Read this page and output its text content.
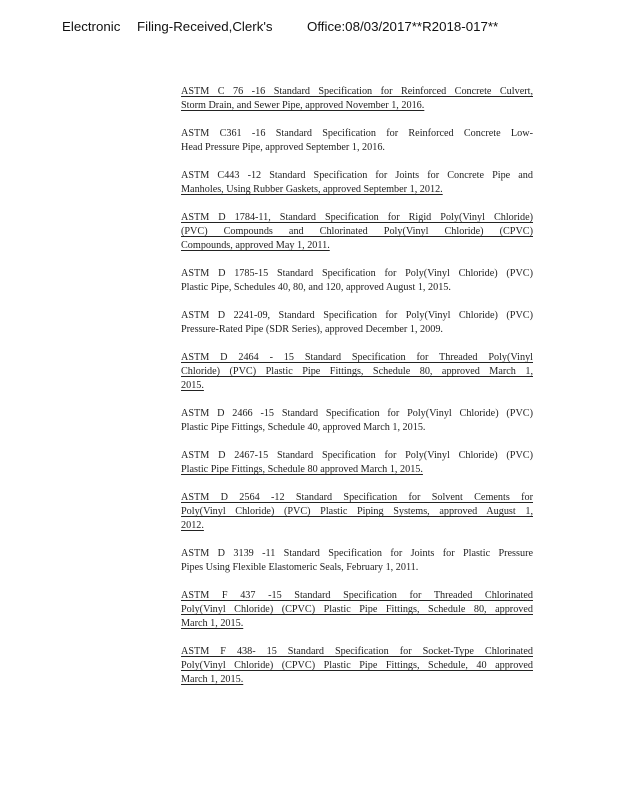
Electronic Filing-Received,Clerk's	Office:08/03/2017**R2018-017**

ASTM C 76 -16 Standard Specification for Reinforced Concrete Culvert,
Storm Drain, and Sewer Pipe, approved November 1, 2016.

ASTM C361 -16 Standard Specification for Reinforced Concrete Low-
Head Pressure Pipe, approved September 1, 2016.

ASTM C443 -12 Standard Specification for Joints for Concrete Pipe and
Manholes, Using Rubber Gaskets, approved September 1, 2012.

ASTM D 1784-11, Standard Specification for Rigid Poly(Vinyl Chloride)
(PVC) Compounds and Chlorinated Poly(Vinyl Chloride) (CPVC)
Compounds, approved May 1, 2011.

ASTM D 1785-15 Standard Specification for Poly(Vinyl Chloride) (PVC)
Plastic Pipe, Schedules 40, 80, and 120, approved August 1, 2015.

ASTM D 2241-09, Standard Specification for Poly(Vinyl Chloride) (PVC)
Pressure-Rated Pipe (SDR Series), approved December 1, 2009.

ASTM D 2464 - 15 Standard Specification for Threaded Poly(Vinyl
Chloride) (PVC) Plastic Pipe Fittings, Schedule 80, approved March 1,
2015.

ASTM D 2466 -15 Standard Specification for Poly(Vinyl Chloride) (PVC)
Plastic Pipe Fittings, Schedule 40, approved March 1, 2015.

ASTM D 2467-15 Standard Specification for Poly(Vinyl Chloride) (PVC)
Plastic Pipe Fittings, Schedule 80 approved March 1, 2015.

ASTM D 2564 -12 Standard Specification for Solvent Cements for
Poly(Vinyl Chloride) (PVC) Plastic Piping Systems, approved August 1,
2012.

ASTM D 3139 -11 Standard Specification for Joints for Plastic Pressure
Pipes Using Flexible Elastomeric Seals, February 1, 2011.

ASTM F 437 -15 Standard Specification for Threaded Chlorinated
Poly(Vinyl Chloride) (CPVC) Plastic Pipe Fittings, Schedule 80, approved
March 1, 2015.

ASTM F 438- 15 Standard Specification for Socket-Type Chlorinated
Poly(Vinyl Chloride) (CPVC) Plastic Pipe Fittings, Schedule, 40 approved
March 1, 2015.
